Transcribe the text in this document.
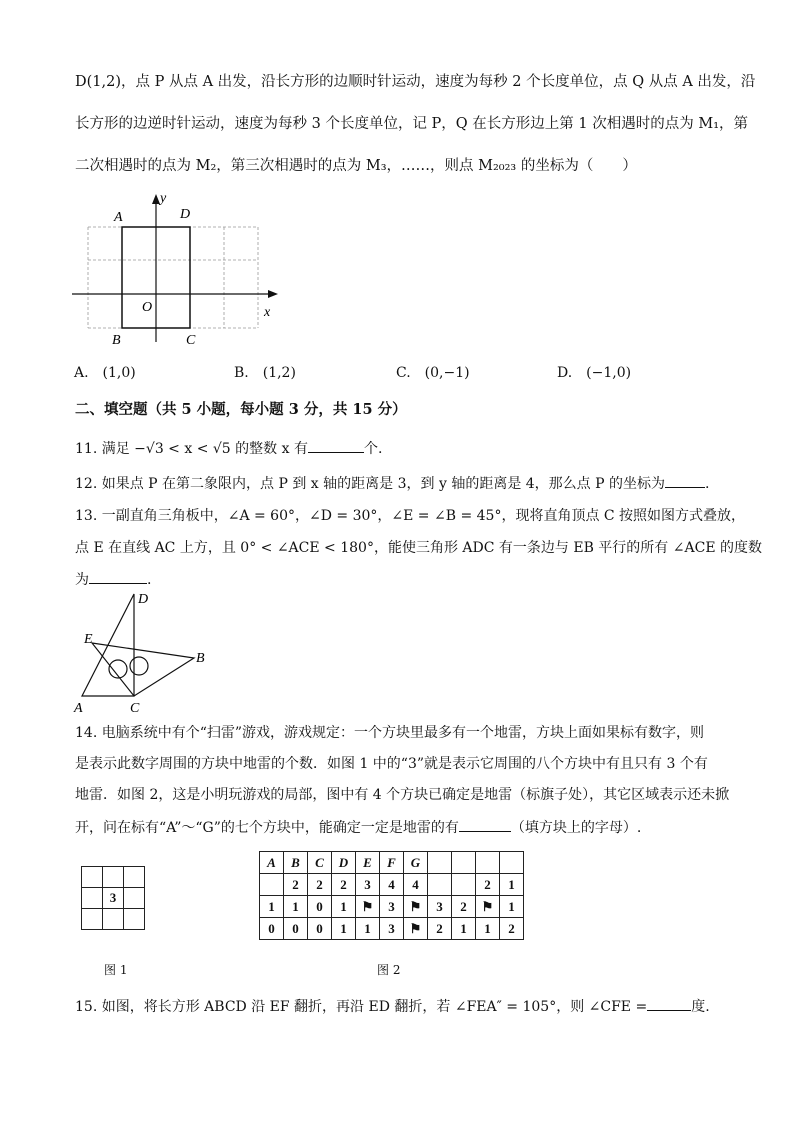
D(1,2)，点 P 从点 A 出发，沿长方形的边顺时针运动，速度为每秒 2 个长度单位，点 Q 从点 A 出发，沿
长方形的边逆时针运动，速度为每秒 3 个长度单位，记 P，Q 在长方形边上第 1 次相遇时的点为 M₁，第
二次相遇时的点为 M₂，第三次相遇时的点为 M₃，……，则点 M₂₀₂₃ 的坐标为（　　）
A	D
O
B	C
x
y
A.　(1,0)	B.　(1,2)	C.　(0,−1)	D.　(−1,0)
二、填空题（共 5 小题，每小题 3 分，共 15 分）
11. 满足 −√3 < x < √5 的整数 x 有	个.
12. 如果点 P 在第二象限内，点 P 到 x 轴的距离是 3，到 y 轴的距离是 4，那么点 P 的坐标为	.
13. 一副直角三角板中，∠A = 60°，∠D = 30°，∠E = ∠B = 45°，现将直角顶点 C 按照如图方式叠放，
点 E 在直线 AC 上方，且 0° < ∠ACE < 180°，能使三角形 ADC 有一条边与 EB 平行的所有 ∠ACE 的度数
为	.
D
E
B
A	C
14. 电脑系统中有个“扫雷”游戏，游戏规定：一个方块里最多有一个地雷，方块上面如果标有数字，则
是表示此数字周围的方块中地雷的个数．如图 1 中的“3”就是表示它周围的八个方块中有且只有 3 个有
地雷．如图 2，这是小明玩游戏的局部，图中有 4 个方块已确定是地雷（标旗子处），其它区域表示还未掀
开，问在标有“A”～“G”的七个方块中，能确定一定是地雷的有	（填方块上的字母）.

	3	

图 1
A	B	C	D	E	F	G				
	2	2	2	3	4	4			2	1
1	1	0	1	⚑	3	⚑	3	2	⚑	1
0	0	0	1	1	3	⚑	2	1	1	2
图 2
15. 如图，将长方形 ABCD 沿 EF 翻折，再沿 ED 翻折，若 ∠FEA″ = 105°，则 ∠CFE =	度.
